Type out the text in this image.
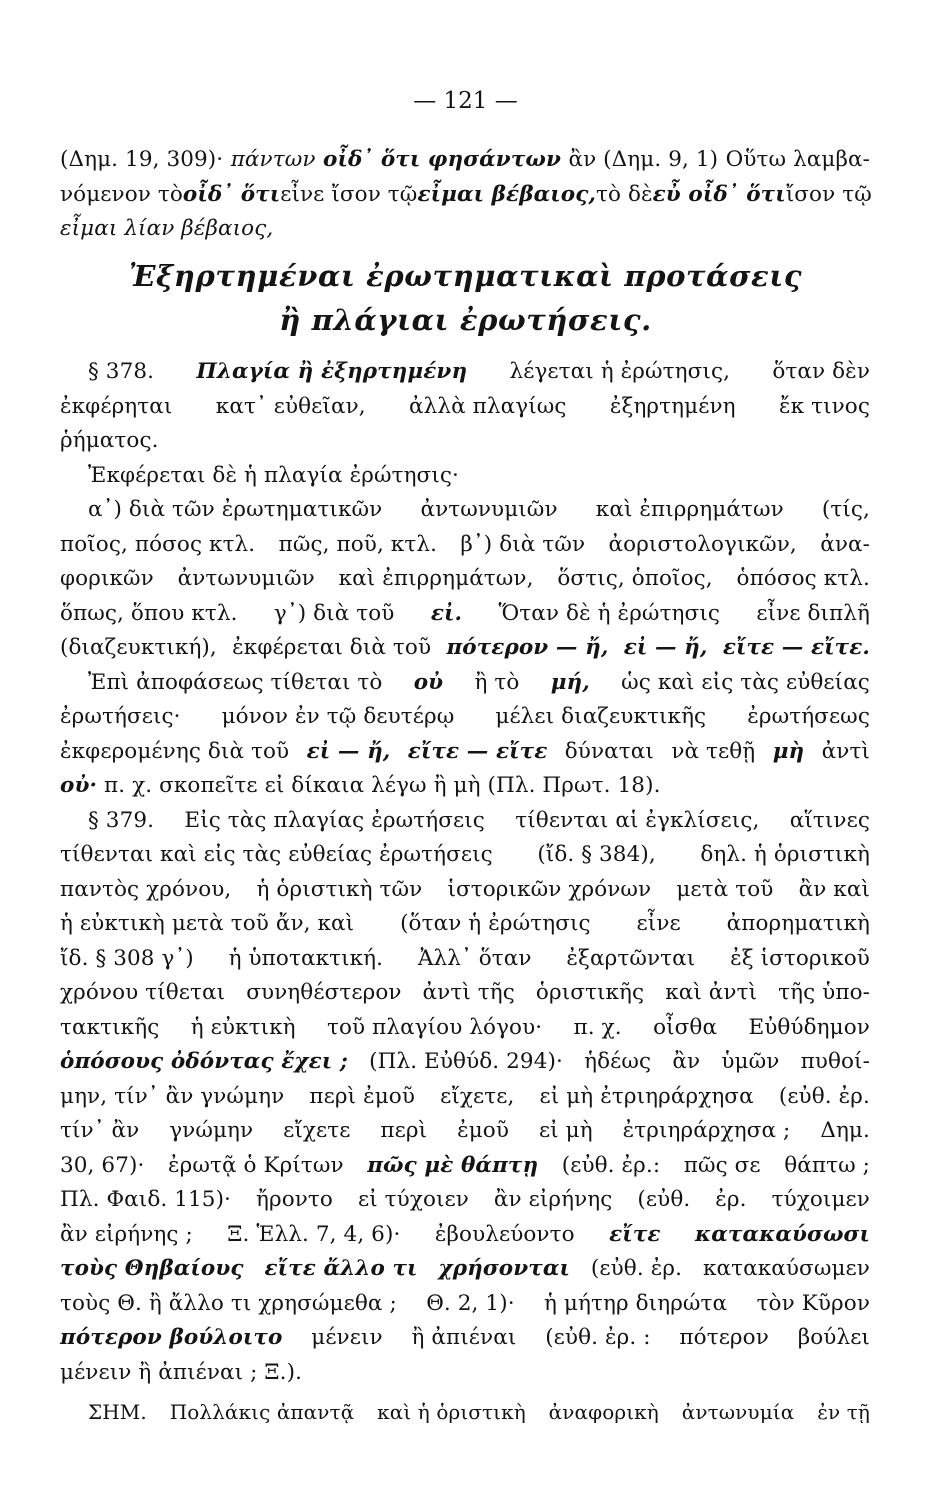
— 121 —
(Δημ. 19, 309)· πάντων οἶδ᾽ ὅτι φησάντων ἂν (Δημ. 9, 1) Οὕτω λαμβα-
νόμενον τὸ οἶδ᾽ ὅτι εἶνε ἴσον τῷ εἶμαι βέβαιος, τὸ δὲ εὖ οἶδ᾽ ὅτι ἴσον τῷ
εἶμαι λίαν βέβαιος,
Ἐξηρτημέναι ἐρωτηματικαὶ προτάσεις
ἢ πλάγιαι ἐρωτήσεις.
§ 378. Πλαγία ἢ ἐξηρτημένη λέγεται ἡ ἐρώτησις, ὅταν δὲν
ἐκφέρηται κατ᾽ εὐθεῖαν, ἀλλὰ πλαγίως ἐξηρτημένη ἔκ τινος
ῥήματος.
Ἐκφέρεται δὲ ἡ πλαγία ἐρώτησις·
α᾽) διὰ τῶν ἐρωτηματικῶν ἀντωνυμιῶν καὶ ἐπιρρημάτων (τίς,
ποῖος, πόσος κτλ. πῶς, ποῦ, κτλ. β᾽) διὰ τῶν ἀοριστολογικῶν, ἀνα-
φορικῶν ἀντωνυμιῶν καὶ ἐπιρρημάτων, ὅστις, ὁποῖος, ὁπόσος κτλ.
ὅπως, ὅπου κτλ. γ᾽) διὰ τοῦ εἰ. Ὅταν δὲ ἡ ἐρώτησις εἶνε διπλῆ
(διαζευκτική), ἐκφέρεται διὰ τοῦ πότερον — ἤ, εἰ — ἤ, εἴτε — εἴτε.
Ἐπὶ ἀποφάσεως τίθεται τὸ οὐ ἢ τὸ μή, ὡς καὶ εἰς τὰς εὐθείας
ἐρωτήσεις· μόνον ἐν τῷ δευτέρῳ μέλει διαζευκτικῆς ἐρωτήσεως
ἐκφερομένης διὰ τοῦ εἰ — ἤ, εἴτε — εἴτε δύναται νὰ τεθῇ μὴ ἀντὶ
οὐ· π. χ. σκοπεῖτε εἰ δίκαια λέγω ἢ μὴ (Πλ. Πρωτ. 18).
§ 379. Εἰς τὰς πλαγίας ἐρωτήσεις τίθενται αἱ ἐγκλίσεις, αἵτινες
τίθενται καὶ εἰς τὰς εὐθείας ἐρωτήσεις (ἴδ. § 384), δηλ. ἡ ὁριστικὴ
παντὸς χρόνου, ἡ ὁριστικὴ τῶν ἱστορικῶν χρόνων μετὰ τοῦ ἂν καὶ
ἡ εὐκτικὴ μετὰ τοῦ ἄν, καὶ (ὅταν ἡ ἐρώτησις εἶνε ἀπορηματικὴ
ἴδ. § 308 γ᾽) ἡ ὑποτακτική. Ἀλλ᾽ ὅταν ἐξαρτῶνται ἐξ ἱστορικοῦ
χρόνου τίθεται συνηθέστερον ἀντὶ τῆς ὁριστικῆς καὶ ἀντὶ τῆς ὑπο-
τακτικῆς ἡ εὐκτικὴ τοῦ πλαγίου λόγου· π. χ. οἶσθα Εὐθύδημον
ὁπόσους ὀδόντας ἔχει ; (Πλ. Εὐθύδ. 294)· ἡδέως ἂν ὑμῶν πυθοί-
μην, τίν᾽ ἂν γνώμην περὶ ἐμοῦ εἴχετε, εἰ μὴ ἐτριηράρχησα (εὐθ. ἐρ.
τίν᾽ ἂν γνώμην εἴχετε περὶ ἐμοῦ εἰ μὴ ἐτριηράρχησα ; Δημ.
30, 67)· ἐρωτᾷ ὁ Κρίτων πῶς μὲ θάπτῃ (εὐθ. ἐρ.: πῶς σε θάπτω ;
Πλ. Φαιδ. 115)· ἤροντο εἰ τύχοιεν ἂν εἰρήνης (εὐθ. ἐρ. τύχοιμεν
ἂν εἰρήνης ; Ξ. Ἑλλ. 7, 4, 6)· ἐβουλεύοντο εἴτε κατακαύσωσι
τοὺς Θηβαίους εἴτε ἄλλο τι χρήσονται (εὐθ. ἐρ. κατακαύσωμεν
τοὺς Θ. ἢ ἄλλο τι χρησώμεθα ; Θ. 2, 1)· ἡ μήτηρ διηρώτα τὸν Κῦρον
πότερον βούλοιτο μένειν ἢ ἀπιέναι (εὐθ. ἐρ. : πότερον βούλει
μένειν ἢ ἀπιέναι ; Ξ.).
ΣΗΜ. Πολλάκις ἀπαντᾷ καὶ ἡ ὁριστικὴ ἀναφορικὴ ἀντωνυμία ἐν τῇ
